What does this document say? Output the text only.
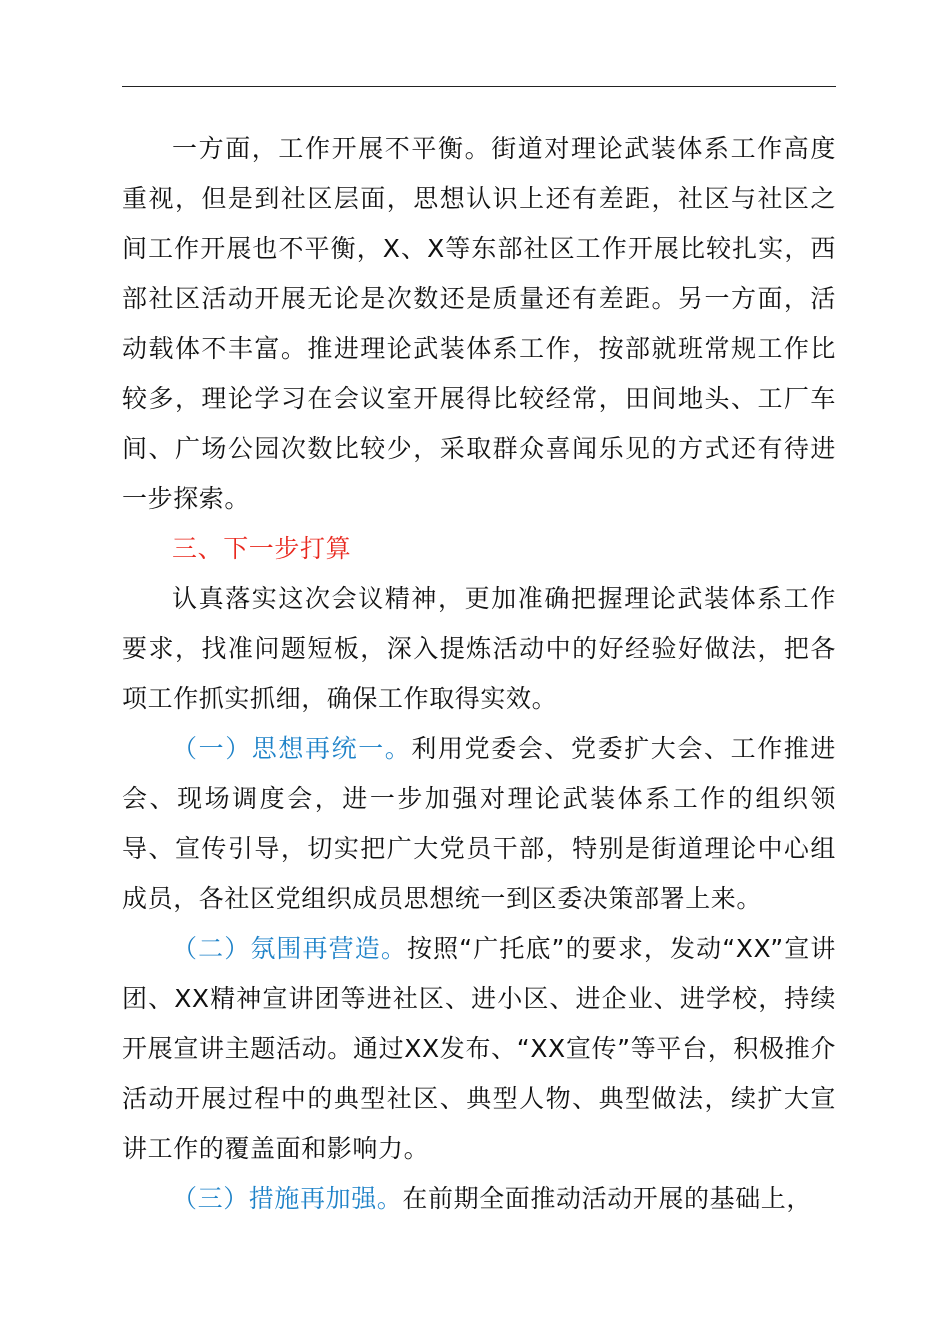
一方面，工作开展不平衡。街道对理论武装体系工作高度重视，但是到社区层面，思想认识上还有差距，社区与社区之间工作开展也不平衡，X、X等东部社区工作开展比较扎实，西部社区活动开展无论是次数还是质量还有差距。另一方面，活动载体不丰富。推进理论武装体系工作，按部就班常规工作比较多，理论学习在会议室开展得比较经常，田间地头、工厂车间、广场公园次数比较少，采取群众喜闻乐见的方式还有待进一步探索。

三、下一步打算

认真落实这次会议精神，更加准确把握理论武装体系工作要求，找准问题短板，深入提炼活动中的好经验好做法，把各项工作抓实抓细，确保工作取得实效。

（一）思想再统一。利用党委会、党委扩大会、工作推进会、现场调度会，进一步加强对理论武装体系工作的组织领导、宣传引导，切实把广大党员干部，特别是街道理论中心组成员，各社区党组织成员思想统一到区委决策部署上来。

（二）氛围再营造。按照“广托底”的要求，发动“XX”宣讲团、XX精神宣讲团等进社区、进小区、进企业、进学校，持续开展宣讲主题活动。通过XX发布、“XX宣传”等平台，积极推介活动开展过程中的典型社区、典型人物、典型做法，续扩大宣讲工作的覆盖面和影响力。

（三）措施再加强。在前期全面推动活动开展的基础上，
